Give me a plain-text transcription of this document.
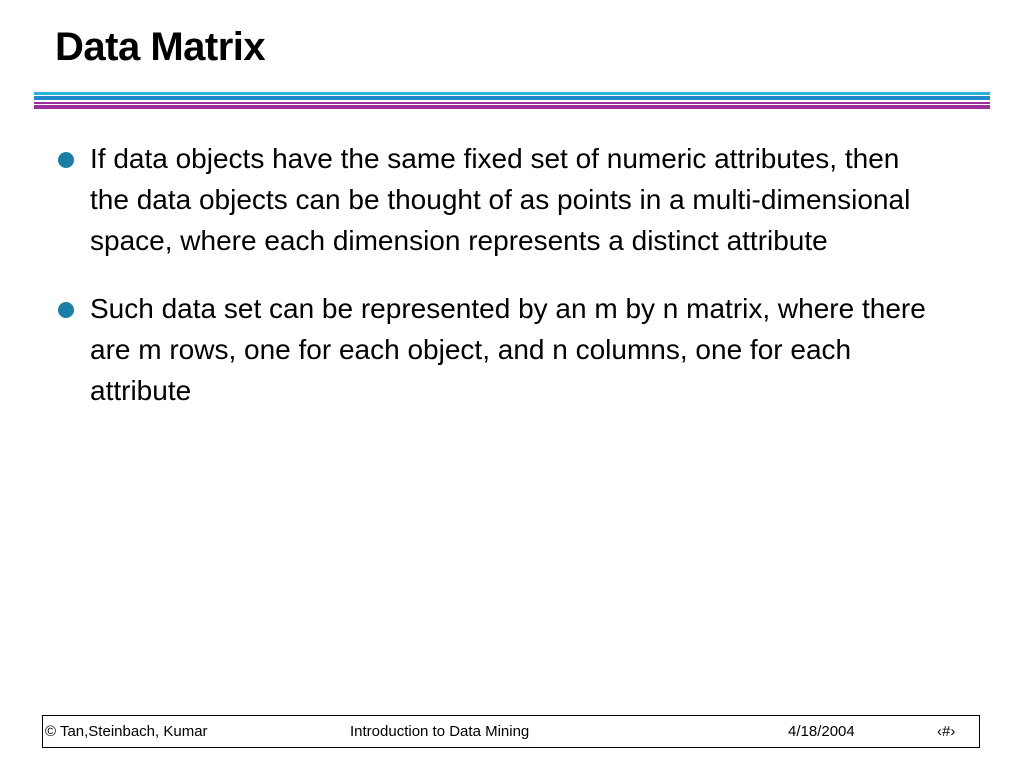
Data Matrix
If data objects have the same fixed set of numeric attributes, then the data objects can be thought of as points in a multi-dimensional space, where each dimension represents a distinct attribute
Such data set can be represented by an m by n matrix, where there are m rows, one for each object, and n columns, one for each attribute
© Tan,Steinbach, Kumar	Introduction to Data Mining	4/18/2004	‹#›
